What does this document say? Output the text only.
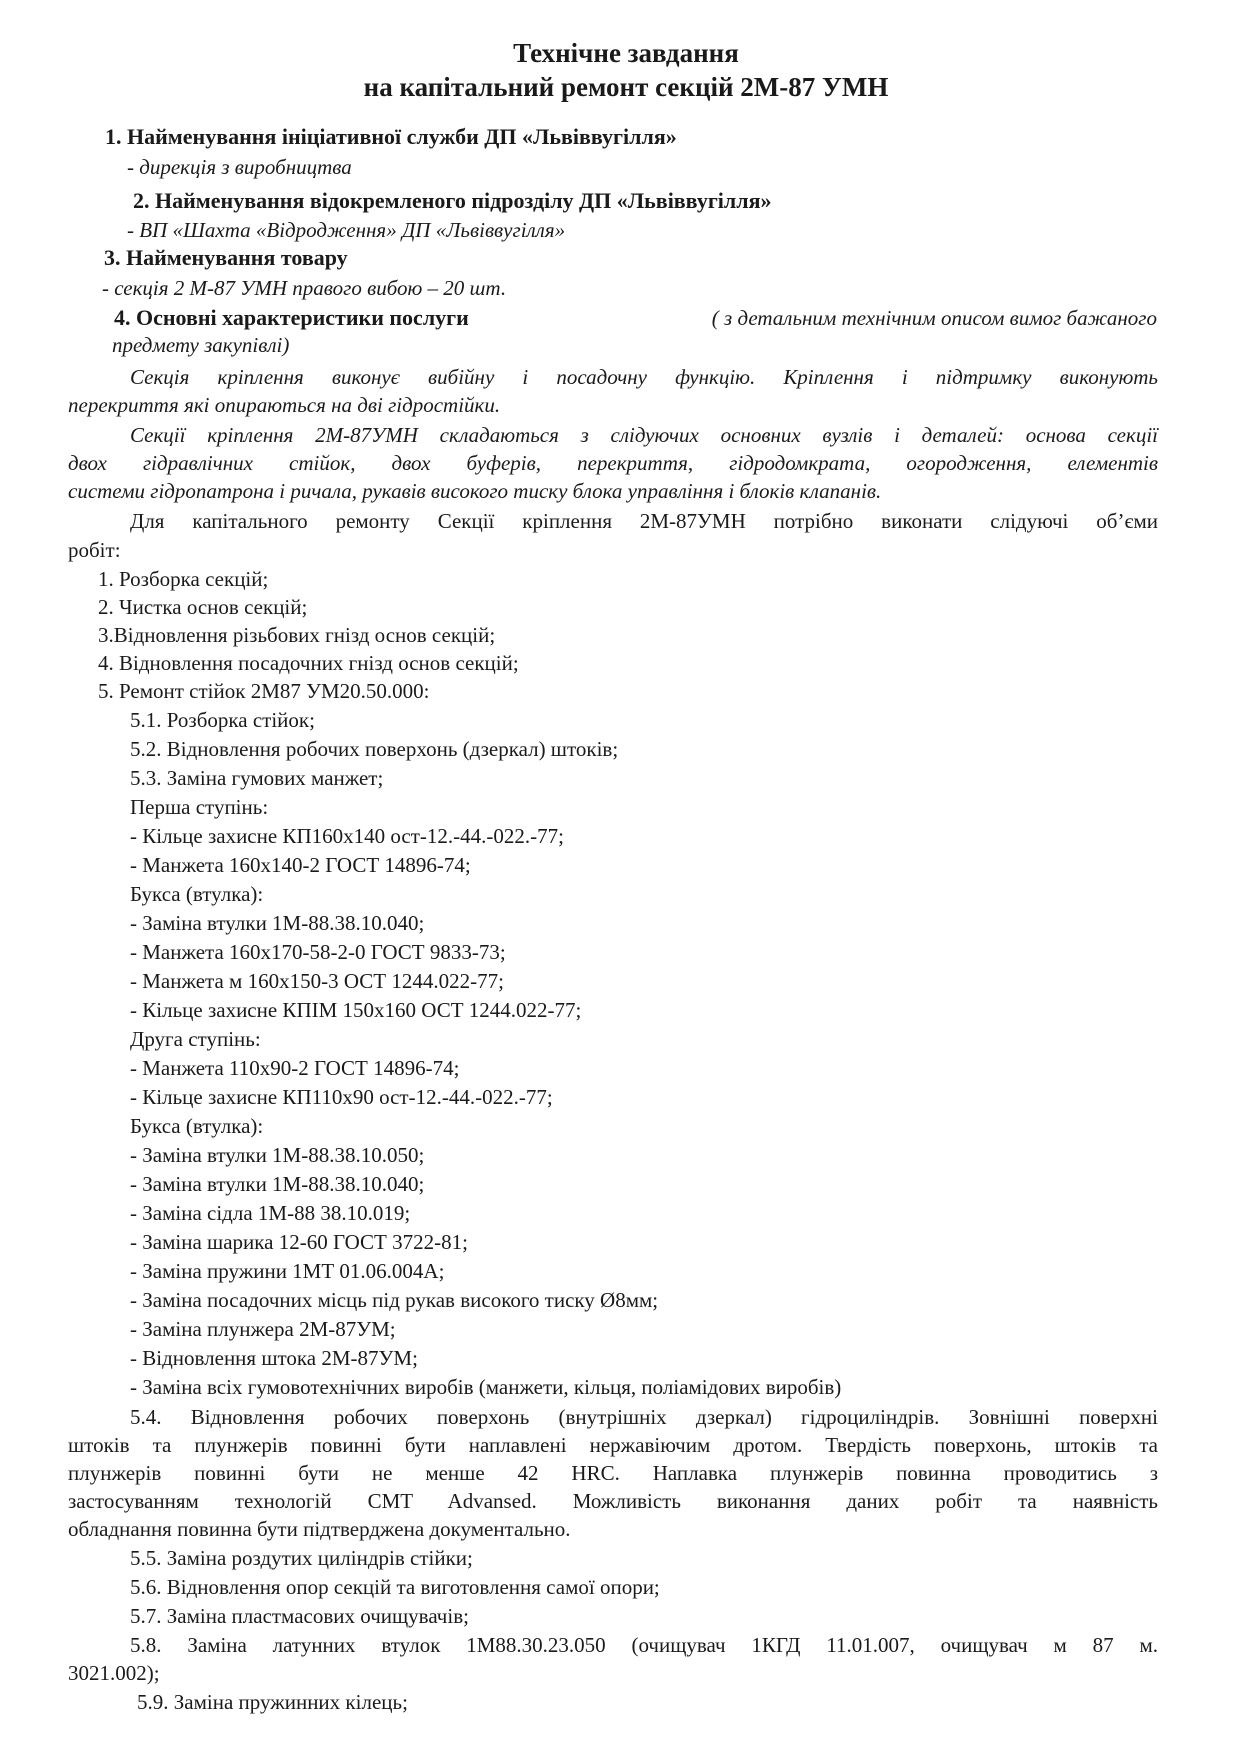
Технічне завдання
на капітальний ремонт секцій 2М-87 УМН
1. Найменування ініціативної служби ДП «Львіввугілля»
- дирекція з виробництва
2. Найменування відокремленого підрозділу ДП «Львіввугілля»
- ВП «Шахта «Відродження» ДП «Львіввугілля»
3. Найменування товару
- секція 2 М-87 УМН правого вибою – 20 шт.
4. Основні характеристики послуги	( з детальним технічним описом вимог бажаного
предмету закупівлі)
Секція кріплення виконує вибійну і посадочну функцію. Кріплення і підтримку виконують
перекриття які опираються на дві гідростійки.
Секції кріплення 2М-87УМН складаються з слідуючих основних вузлів і деталей: основа секції
двох гідравлічних стійок, двох буферів, перекриття, гідродомкрата, огородження, елементів
системи гідропатрона і ричала, рукавів високого тиску блока управління і блоків клапанів.
Для капітального ремонту Секції кріплення 2М-87УМН потрібно виконати слідуючі об’єми
робіт:
1. Розборка секцій;
2. Чистка основ секцій;
3.Відновлення різьбових гнізд основ секцій;
4. Відновлення посадочних гнізд основ секцій;
5. Ремонт стійок 2М87 УМ20.50.000:
5.1. Розборка стійок;
5.2. Відновлення робочих поверхонь (дзеркал) штоків;
5.3. Заміна гумових манжет;
Перша ступінь:
- Кільце захисне КП160х140 ост-12.-44.-022.-77;
- Манжета 160х140-2 ГОСТ 14896-74;
Букса (втулка):
- Заміна втулки 1М-88.38.10.040;
- Манжета 160х170-58-2-0 ГОСТ 9833-73;
- Манжета м 160х150-3 ОСТ 1244.022-77;
- Кільце захисне КПІМ 150х160 ОСТ 1244.022-77;
Друга ступінь:
- Манжета 110х90-2 ГОСТ 14896-74;
- Кільце захисне КП110х90 ост-12.-44.-022.-77;
Букса (втулка):
- Заміна втулки 1М-88.38.10.050;
- Заміна втулки 1М-88.38.10.040;
- Заміна сідла 1М-88 38.10.019;
- Заміна шарика 12-60 ГОСТ 3722-81;
- Заміна пружини 1МТ 01.06.004А;
- Заміна посадочних місць під рукав високого тиску Ø8мм;
- Заміна плунжера 2М-87УМ;
- Відновлення штока 2М-87УМ;
- Заміна всіх гумовотехнічних виробів (манжети, кільця, поліамідових виробів)
5.4. Відновлення робочих поверхонь (внутрішніх дзеркал) гідроциліндрів. Зовнішні поверхні
штоків та плунжерів повинні бути наплавлені нержавіючим дротом. Твердість поверхонь, штоків та
плунжерів повинні бути не менше 42 HRC. Наплавка плунжерів повинна проводитись з
застосуванням технологій CMT Advansed. Можливість виконання даних робіт та наявність
обладнання повинна бути підтверджена документально.
5.5. Заміна роздутих циліндрів стійки;
5.6. Відновлення опор секцій та виготовлення самої опори;
5.7. Заміна пластмасових очищувачів;
5.8. Заміна латунних втулок 1М88.30.23.050 (очищувач 1КГД 11.01.007, очищувач м 87 м.
3021.002);
5.9. Заміна пружинних кілець;
